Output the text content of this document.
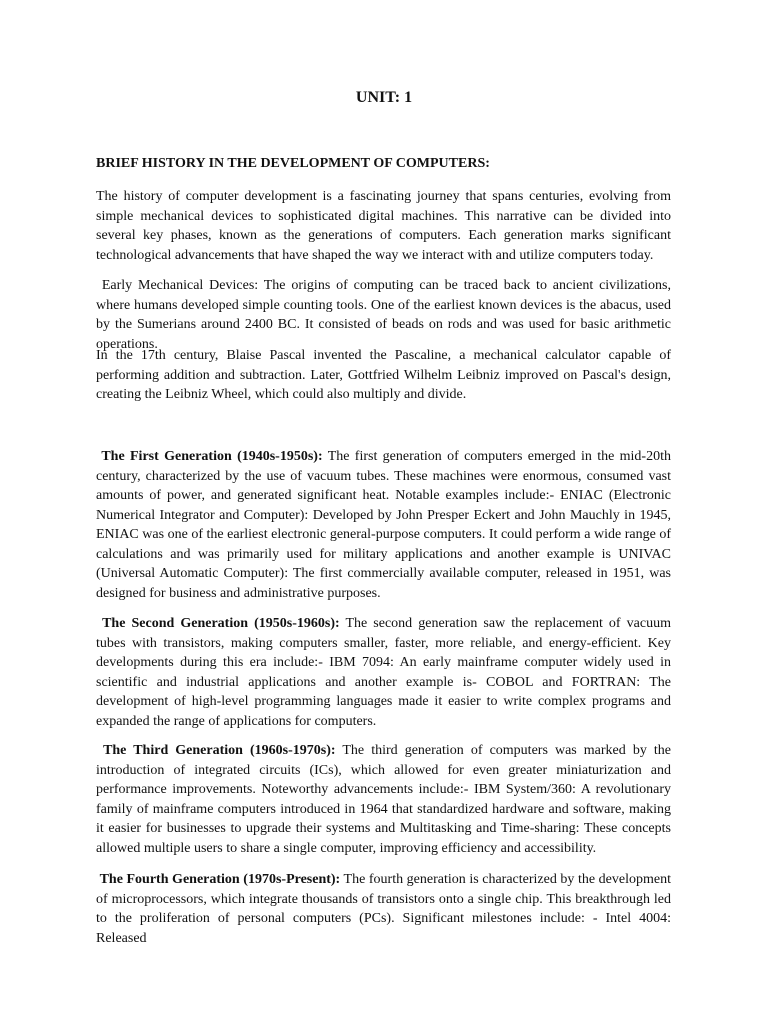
UNIT: 1
BRIEF HISTORY IN THE DEVELOPMENT OF COMPUTERS:

The history of computer development is a fascinating journey that spans centuries, evolving from simple mechanical devices to sophisticated digital machines. This narrative can be divided into several key phases, known as the generations of computers. Each generation marks significant technological advancements that have shaped the way we interact with and utilize computers today.

Early Mechanical Devices: The origins of computing can be traced back to ancient civilizations, where humans developed simple counting tools. One of the earliest known devices is the abacus, used by the Sumerians around 2400 BC. It consisted of beads on rods and was used for basic arithmetic operations.

In the 17th century, Blaise Pascal invented the Pascaline, a mechanical calculator capable of performing addition and subtraction. Later, Gottfried Wilhelm Leibniz improved on Pascal's design, creating the Leibniz Wheel, which could also multiply and divide.

The First Generation (1940s-1950s): The first generation of computers emerged in the mid-20th century, characterized by the use of vacuum tubes. These machines were enormous, consumed vast amounts of power, and generated significant heat. Notable examples include:- ENIAC (Electronic Numerical Integrator and Computer): Developed by John Presper Eckert and John Mauchly in 1945, ENIAC was one of the earliest electronic general-purpose computers. It could perform a wide range of calculations and was primarily used for military applications and another example is UNIVAC (Universal Automatic Computer): The first commercially available computer, released in 1951, was designed for business and administrative purposes.

The Second Generation (1950s-1960s): The second generation saw the replacement of vacuum tubes with transistors, making computers smaller, faster, more reliable, and energy-efficient. Key developments during this era include:- IBM 7094: An early mainframe computer widely used in scientific and industrial applications and another example is- COBOL and FORTRAN: The development of high-level programming languages made it easier to write complex programs and expanded the range of applications for computers.

The Third Generation (1960s-1970s): The third generation of computers was marked by the introduction of integrated circuits (ICs), which allowed for even greater miniaturization and performance improvements. Noteworthy advancements include:- IBM System/360: A revolutionary family of mainframe computers introduced in 1964 that standardized hardware and software, making it easier for businesses to upgrade their systems and Multitasking and Time-sharing: These concepts allowed multiple users to share a single computer, improving efficiency and accessibility.

The Fourth Generation (1970s-Present): The fourth generation is characterized by the development of microprocessors, which integrate thousands of transistors onto a single chip. This breakthrough led to the proliferation of personal computers (PCs). Significant milestones include: - Intel 4004: Released
